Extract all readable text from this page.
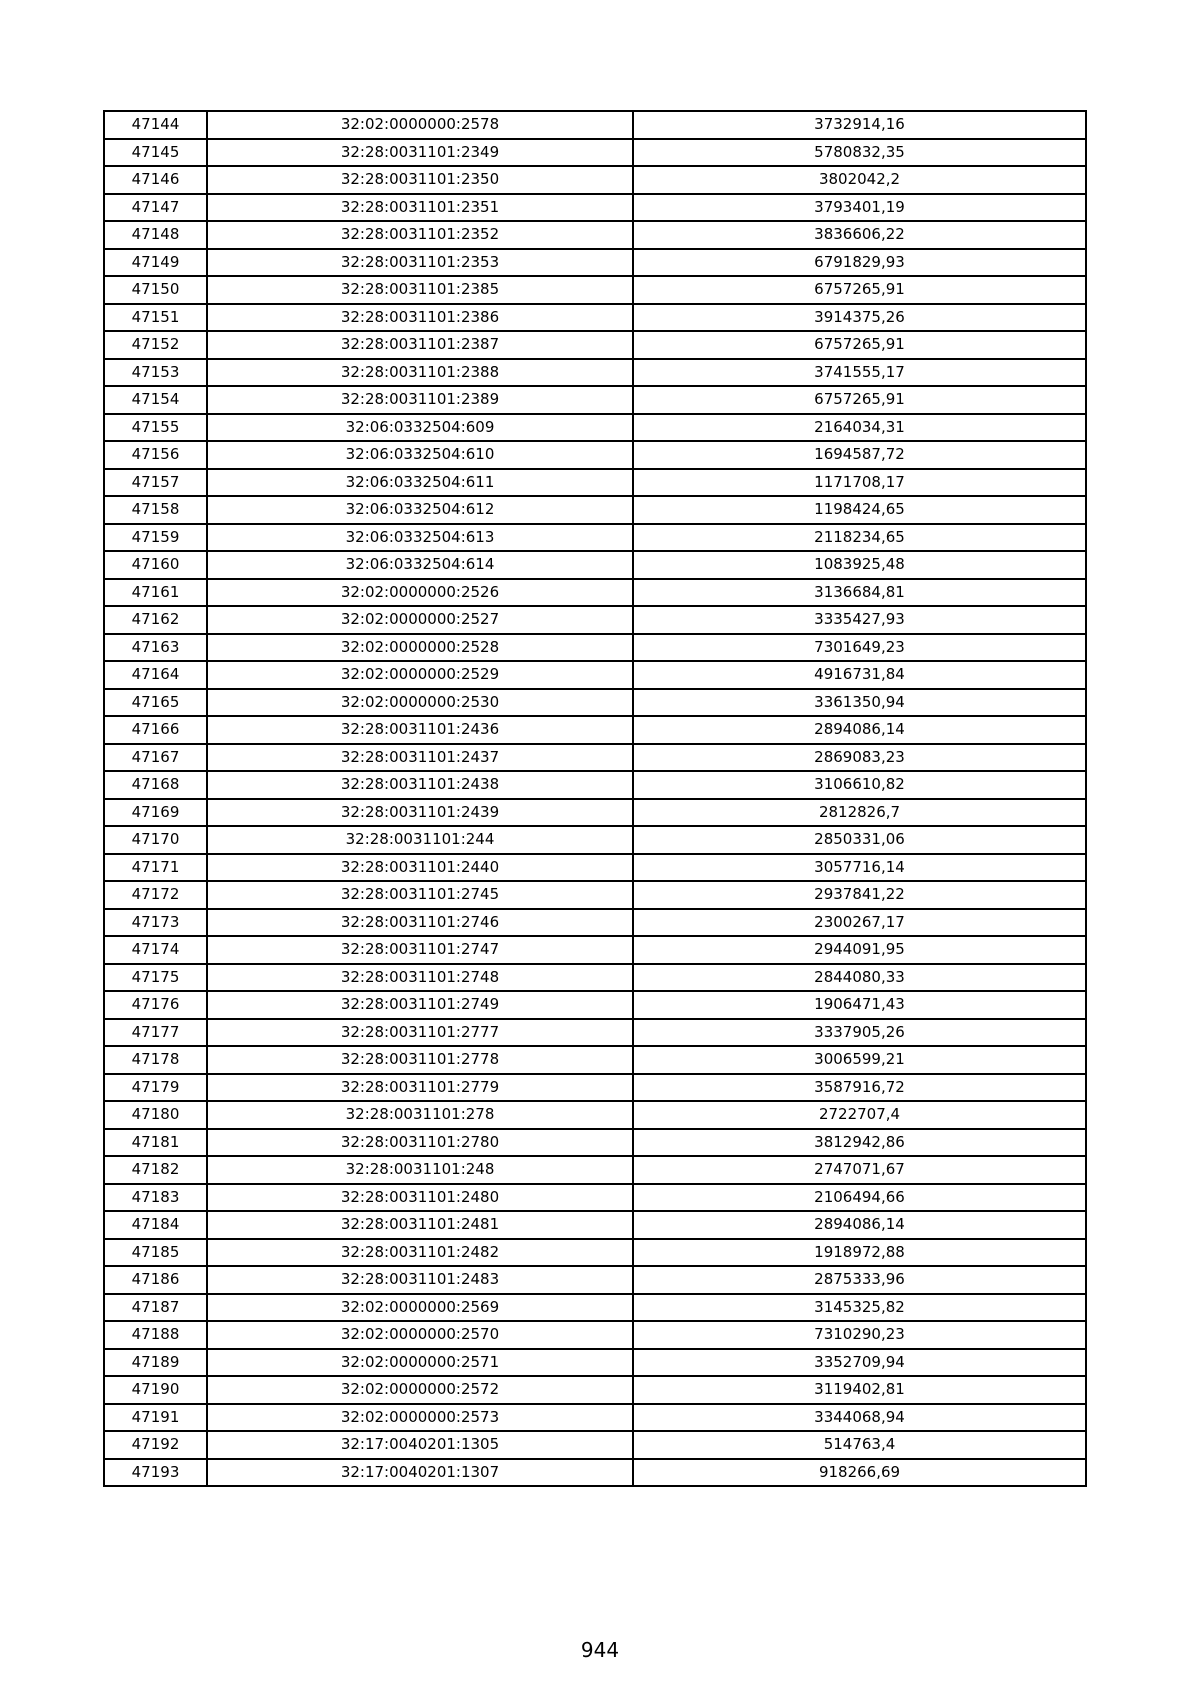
47144	32:02:0000000:2578	3732914,16
47145	32:28:0031101:2349	5780832,35
47146	32:28:0031101:2350	3802042,2
47147	32:28:0031101:2351	3793401,19
47148	32:28:0031101:2352	3836606,22
47149	32:28:0031101:2353	6791829,93
47150	32:28:0031101:2385	6757265,91
47151	32:28:0031101:2386	3914375,26
47152	32:28:0031101:2387	6757265,91
47153	32:28:0031101:2388	3741555,17
47154	32:28:0031101:2389	6757265,91
47155	32:06:0332504:609	2164034,31
47156	32:06:0332504:610	1694587,72
47157	32:06:0332504:611	1171708,17
47158	32:06:0332504:612	1198424,65
47159	32:06:0332504:613	2118234,65
47160	32:06:0332504:614	1083925,48
47161	32:02:0000000:2526	3136684,81
47162	32:02:0000000:2527	3335427,93
47163	32:02:0000000:2528	7301649,23
47164	32:02:0000000:2529	4916731,84
47165	32:02:0000000:2530	3361350,94
47166	32:28:0031101:2436	2894086,14
47167	32:28:0031101:2437	2869083,23
47168	32:28:0031101:2438	3106610,82
47169	32:28:0031101:2439	2812826,7
47170	32:28:0031101:244	2850331,06
47171	32:28:0031101:2440	3057716,14
47172	32:28:0031101:2745	2937841,22
47173	32:28:0031101:2746	2300267,17
47174	32:28:0031101:2747	2944091,95
47175	32:28:0031101:2748	2844080,33
47176	32:28:0031101:2749	1906471,43
47177	32:28:0031101:2777	3337905,26
47178	32:28:0031101:2778	3006599,21
47179	32:28:0031101:2779	3587916,72
47180	32:28:0031101:278	2722707,4
47181	32:28:0031101:2780	3812942,86
47182	32:28:0031101:248	2747071,67
47183	32:28:0031101:2480	2106494,66
47184	32:28:0031101:2481	2894086,14
47185	32:28:0031101:2482	1918972,88
47186	32:28:0031101:2483	2875333,96
47187	32:02:0000000:2569	3145325,82
47188	32:02:0000000:2570	7310290,23
47189	32:02:0000000:2571	3352709,94
47190	32:02:0000000:2572	3119402,81
47191	32:02:0000000:2573	3344068,94
47192	32:17:0040201:1305	514763,4
47193	32:17:0040201:1307	918266,69
944
